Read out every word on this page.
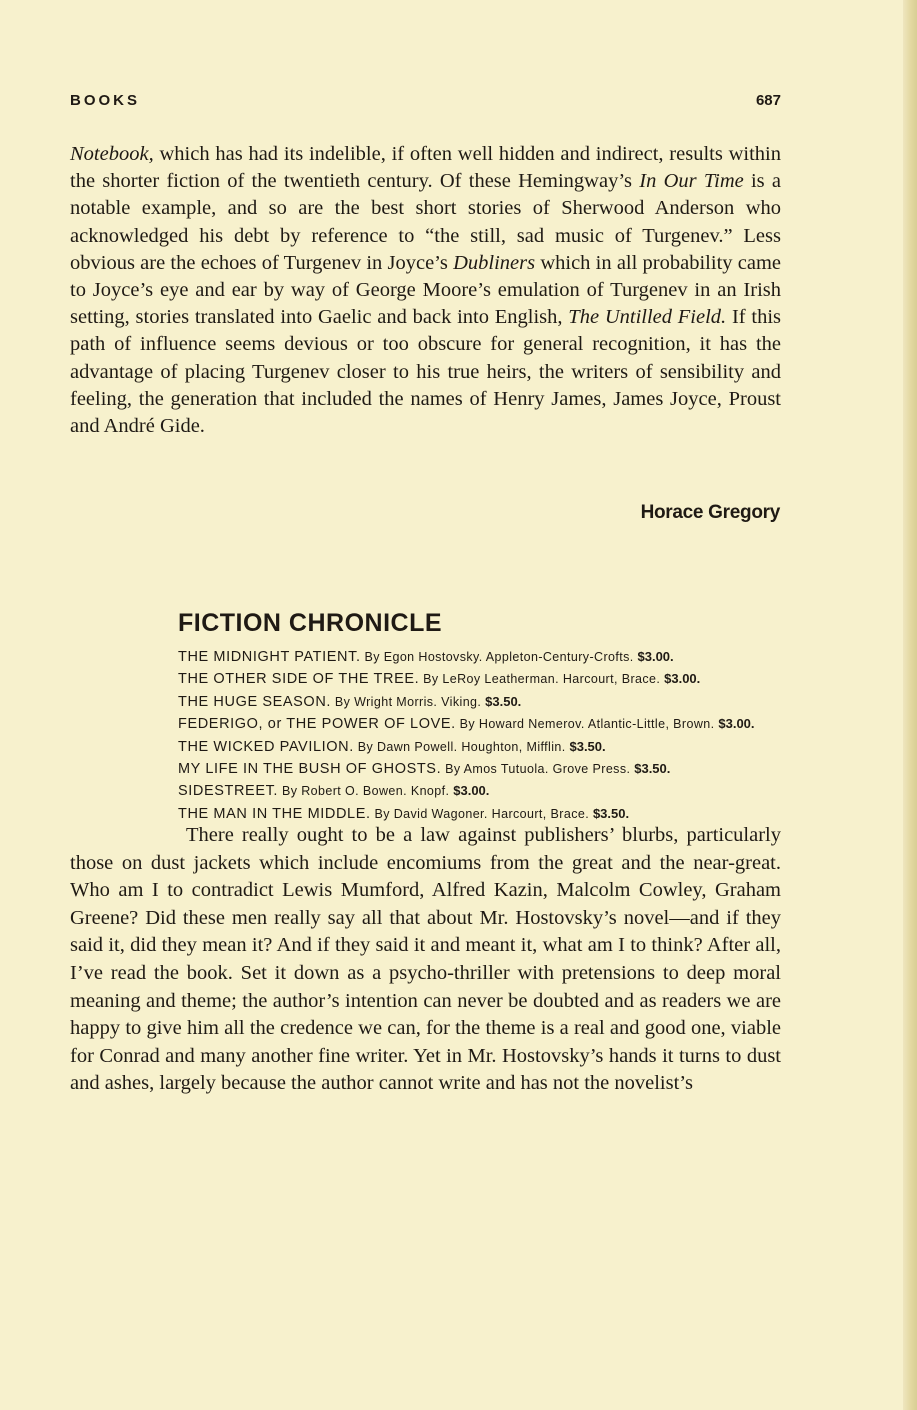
BOOKS	687

Notebook, which has had its indelible, if often well hidden and indirect, results within the shorter fiction of the twentieth century. Of these Hemingway’s In Our Time is a notable example, and so are the best short stories of Sherwood Anderson who acknowledged his debt by reference to “the still, sad music of Turgenev.” Less obvious are the echoes of Turgenev in Joyce’s Dubliners which in all probability came to Joyce’s eye and ear by way of George Moore’s emulation of Turgenev in an Irish setting, stories translated into Gaelic and back into English, The Untilled Field. If this path of influence seems devious or too obscure for general recognition, it has the advantage of placing Turgenev closer to his true heirs, the writers of sensibility and feeling, the generation that included the names of Henry James, James Joyce, Proust and André Gide.

Horace Gregory
FICTION CHRONICLE
THE MIDNIGHT PATIENT. By Egon Hostovsky. Appleton-Century-Crofts. $3.00.
THE OTHER SIDE OF THE TREE. By LeRoy Leatherman. Harcourt, Brace. $3.00.
THE HUGE SEASON. By Wright Morris. Viking. $3.50.
FEDERIGO, or THE POWER OF LOVE. By Howard Nemerov. Atlantic-Little, Brown. $3.00.
THE WICKED PAVILION. By Dawn Powell. Houghton, Mifflin. $3.50.
MY LIFE IN THE BUSH OF GHOSTS. By Amos Tutuola. Grove Press. $3.50.
SIDESTREET. By Robert O. Bowen. Knopf. $3.00.
THE MAN IN THE MIDDLE. By David Wagoner. Harcourt, Brace. $3.50.

There really ought to be a law against publishers’ blurbs, particularly those on dust jackets which include encomiums from the great and the near-great. Who am I to contradict Lewis Mumford, Alfred Kazin, Malcolm Cowley, Graham Greene? Did these men really say all that about Mr. Hostovsky’s novel—and if they said it, did they mean it? And if they said it and meant it, what am I to think? After all, I’ve read the book. Set it down as a psycho-thriller with pretensions to deep moral meaning and theme; the author’s intention can never be doubted and as readers we are happy to give him all the credence we can, for the theme is a real and good one, viable for Conrad and many another fine writer. Yet in Mr. Hostovsky’s hands it turns to dust and ashes, largely because the author cannot write and has not the novelist’s
